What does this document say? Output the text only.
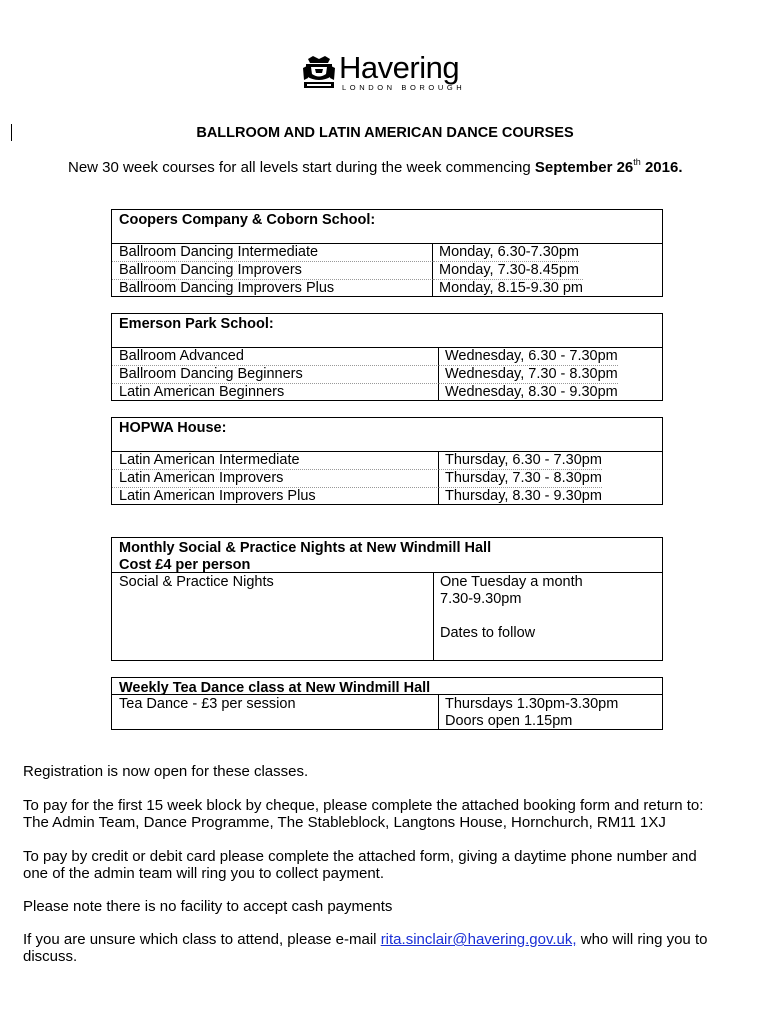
Havering
LONDON BOROUGH
BALLROOM AND LATIN AMERICAN DANCE COURSES
New 30 week courses for all levels start during the week commencing September 26th 2016.
Coopers Company & Coborn School:
Ballroom Dancing Intermediate	Monday, 6.30-7.30pm
Ballroom Dancing Improvers	Monday, 7.30-8.45pm
Ballroom Dancing Improvers Plus	Monday, 8.15-9.30 pm
Emerson Park School:
Ballroom Advanced	Wednesday, 6.30 - 7.30pm
Ballroom Dancing Beginners	Wednesday, 7.30 - 8.30pm
Latin American Beginners	Wednesday, 8.30 - 9.30pm
HOPWA House:
Latin American Intermediate	Thursday, 6.30 - 7.30pm
Latin American Improvers	Thursday, 7.30 - 8.30pm
Latin American Improvers Plus	Thursday, 8.30 - 9.30pm
Monthly Social & Practice Nights at New Windmill Hall
Cost £4 per person
Social & Practice Nights	One Tuesday a month
7.30-9.30pm
Dates to follow
Weekly Tea Dance class at New Windmill Hall
Tea Dance - £3 per session	Thursdays 1.30pm-3.30pm
Doors open 1.15pm
Registration is now open for these classes.
To pay for the first 15 week block by cheque, please complete the attached booking form and return to:
The Admin Team, Dance Programme, The Stableblock, Langtons House, Hornchurch, RM11 1XJ
To pay by credit or debit card please complete the attached form, giving a daytime phone number and
one of the admin team will ring you to collect payment.
Please note there is no facility to accept cash payments
If you are unsure which class to attend, please e-mail rita.sinclair@havering.gov.uk, who will ring you to
discuss.
